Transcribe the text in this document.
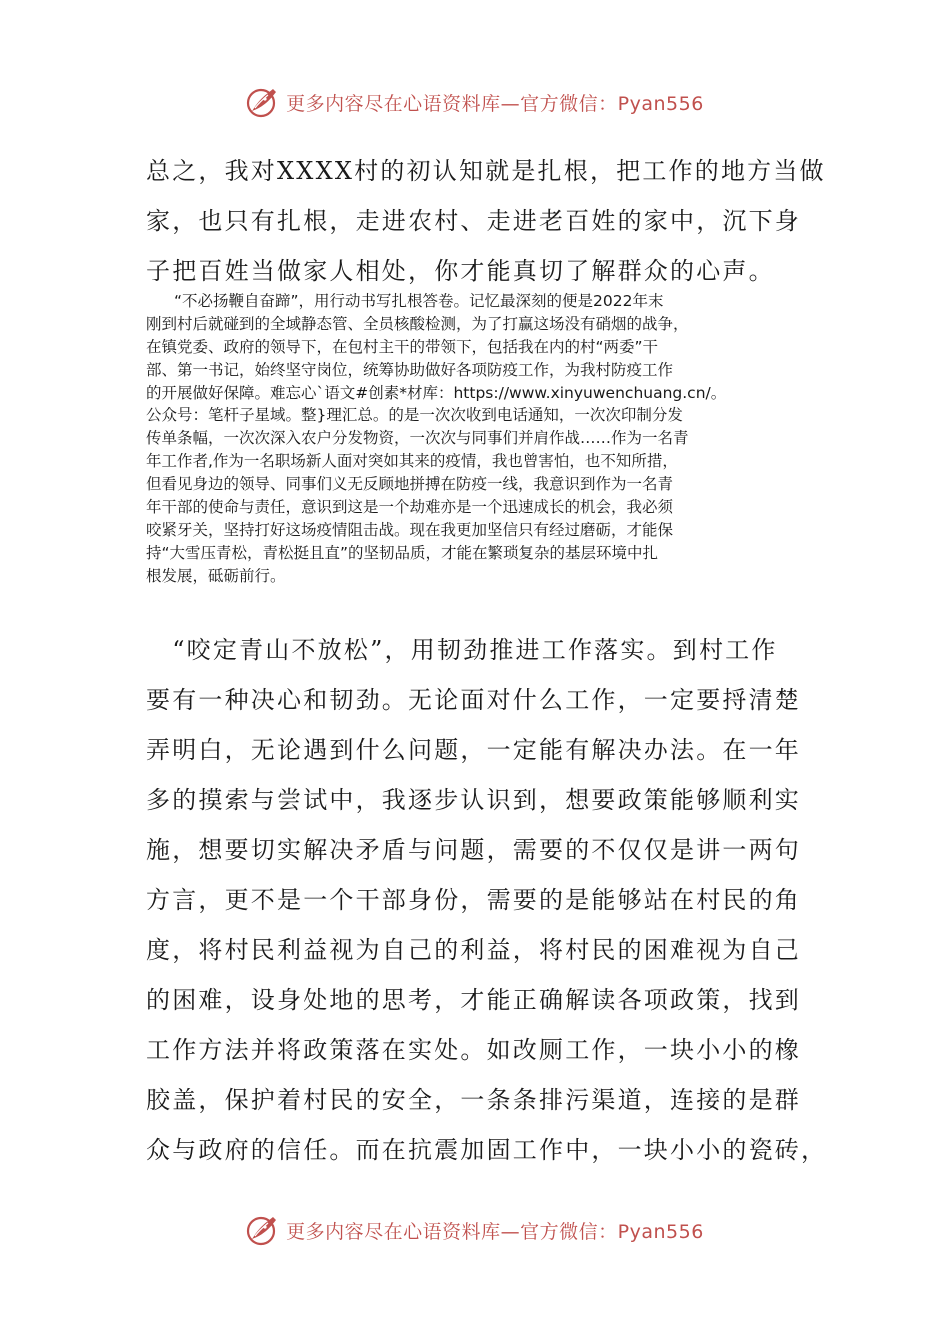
更多内容尽在心语资料库—官方微信：Pyan556
总之，我对XXXX村的初认知就是扎根，把工作的地方当做
家，也只有扎根，走进农村、走进老百姓的家中，沉下身
子把百姓当做家人相处，你才能真切了解群众的心声。
“不必扬鞭自奋蹄”，用行动书写扎根答卷。记忆最深刻的便是2022年末
刚到村后就碰到的全域静态管、全员核酸检测，为了打赢这场没有硝烟的战争，
在镇党委、政府的领导下，在包村主干的带领下，包括我在内的村“两委”干
部、第一书记，始终坚守岗位，统筹协助做好各项防疫工作，为我村防疫工作
的开展做好保障。难忘心`语文#创素*材库：https://www.xinyuwenchuang.cn/。
公众号：笔杆子星域。整}理汇总。的是一次次收到电话通知，一次次印制分发
传单条幅，一次次深入农户分发物资，一次次与同事们并肩作战……作为一名青
年工作者,作为一名职场新人面对突如其来的疫情，我也曾害怕，也不知所措，
但看见身边的领导、同事们义无反顾地拼搏在防疫一线，我意识到作为一名青
年干部的使命与责任，意识到这是一个劫难亦是一个迅速成长的机会，我必须
咬紧牙关，坚持打好这场疫情阻击战。现在我更加坚信只有经过磨砺，才能保
持“大雪压青松，青松挺且直”的坚韧品质，才能在繁琐复杂的基层环境中扎
根发展，砥砺前行。
　“咬定青山不放松”，用韧劲推进工作落实。到村工作
要有一种决心和韧劲。无论面对什么工作，一定要捋清楚
弄明白，无论遇到什么问题，一定能有解决办法。在一年
多的摸索与尝试中，我逐步认识到，想要政策能够顺利实
施，想要切实解决矛盾与问题，需要的不仅仅是讲一两句
方言，更不是一个干部身份，需要的是能够站在村民的角
度，将村民利益视为自己的利益，将村民的困难视为自己
的困难，设身处地的思考，才能正确解读各项政策，找到
工作方法并将政策落在实处。如改厕工作，一块小小的橡
胶盖，保护着村民的安全，一条条排污渠道，连接的是群
众与政府的信任。而在抗震加固工作中，一块小小的瓷砖，
更多内容尽在心语资料库—官方微信：Pyan556
